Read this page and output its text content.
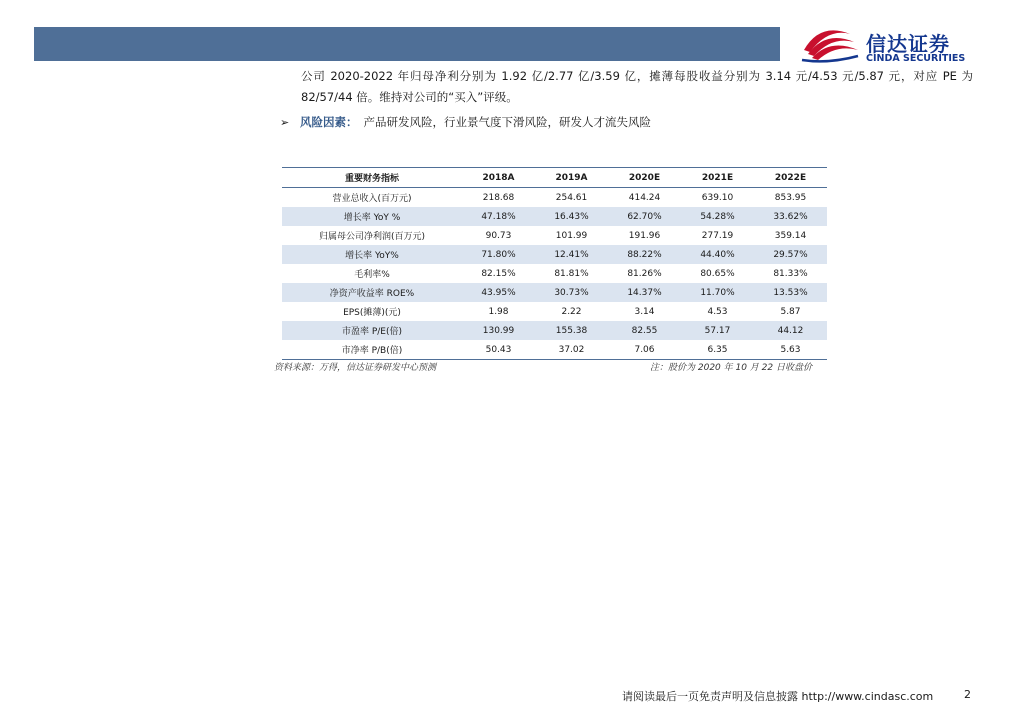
信达证券
CINDA SECURITIES
公司 2020-2022 年归母净利分别为 1.92 亿/2.77 亿/3.59 亿，摊薄每股收益分别为 3.14 元/4.53 元/5.87 元，对应 PE 为 82/57/44 倍。维持对公司的“买入”评级。
➢ 风险因素： 产品研发风险，行业景气度下滑风险，研发人才流失风险
重要财务指标	2018A	2019A	2020E	2021E	2022E
营业总收入(百万元)	218.68	254.61	414.24	639.10	853.95
增长率 YoY %	47.18%	16.43%	62.70%	54.28%	33.62%
归属母公司净利润(百万元)	90.73	101.99	191.96	277.19	359.14
增长率 YoY%	71.80%	12.41%	88.22%	44.40%	29.57%
毛利率%	82.15%	81.81%	81.26%	80.65%	81.33%
净资产收益率 ROE%	43.95%	30.73%	14.37%	11.70%	13.53%
EPS(摊薄)(元)	1.98	2.22	3.14	4.53	5.87
市盈率 P/E(倍)	130.99	155.38	82.55	57.17	44.12
市净率 P/B(倍)	50.43	37.02	7.06	6.35	5.63
资料来源：万得，信达证券研发中心预测	注：股价为 2020 年 10 月 22 日收盘价
请阅读最后一页免责声明及信息披露 http://www.cindasc.com	2
